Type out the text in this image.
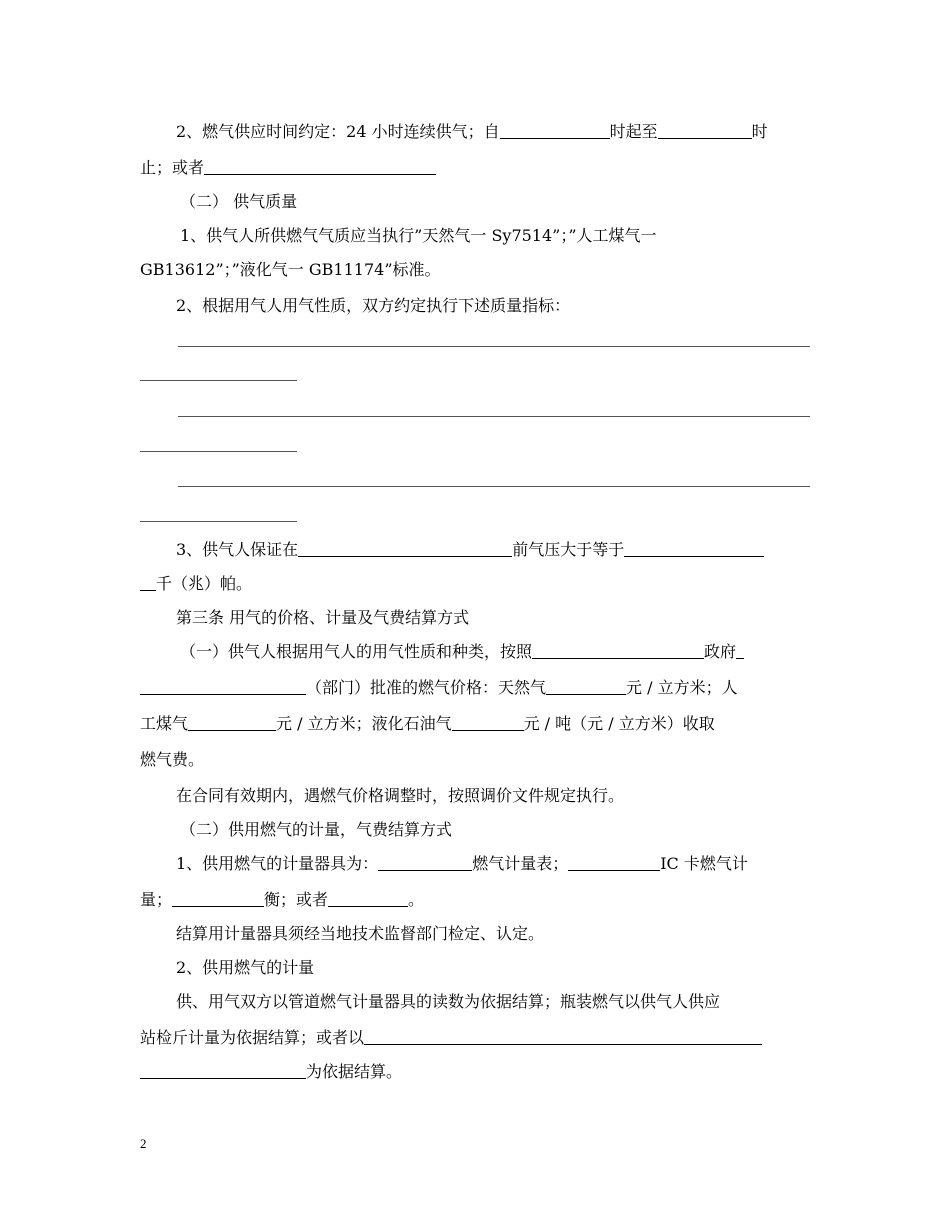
2、燃气供应时间约定：24 小时连续供气；自	时起至	时
止；或者
（二） 供气质量
1、供气人所供燃气气质应当执行”天然气一 Sy7514”；”人工煤气一
GB13612”；”液化气一 GB11174”标准。
2、根据用气人用气性质，双方约定执行下述质量指标：
3、供气人保证在	前气压大于等于
千（兆）帕。
第三条 用气的价格、计量及气费结算方式
（一）供气人根据用气人的用气性质和种类，按照	政府
（部门）批准的燃气价格：天然气	元 / 立方米；人
工煤气	元 / 立方米；液化石油气	元 / 吨（元 / 立方米）收取
燃气费。
在合同有效期内，遇燃气价格调整时，按照调价文件规定执行。
（二）供用燃气的计量，气费结算方式
1、供用燃气的计量器具为：	燃气计量表；	IC 卡燃气计
量；	衡；或者	。
结算用计量器具须经当地技术监督部门检定、认定。
2、供用燃气的计量
供、用气双方以管道燃气计量器具的读数为依据结算；瓶装燃气以供气人供应
站检斤计量为依据结算；或者以
为依据结算。
2
